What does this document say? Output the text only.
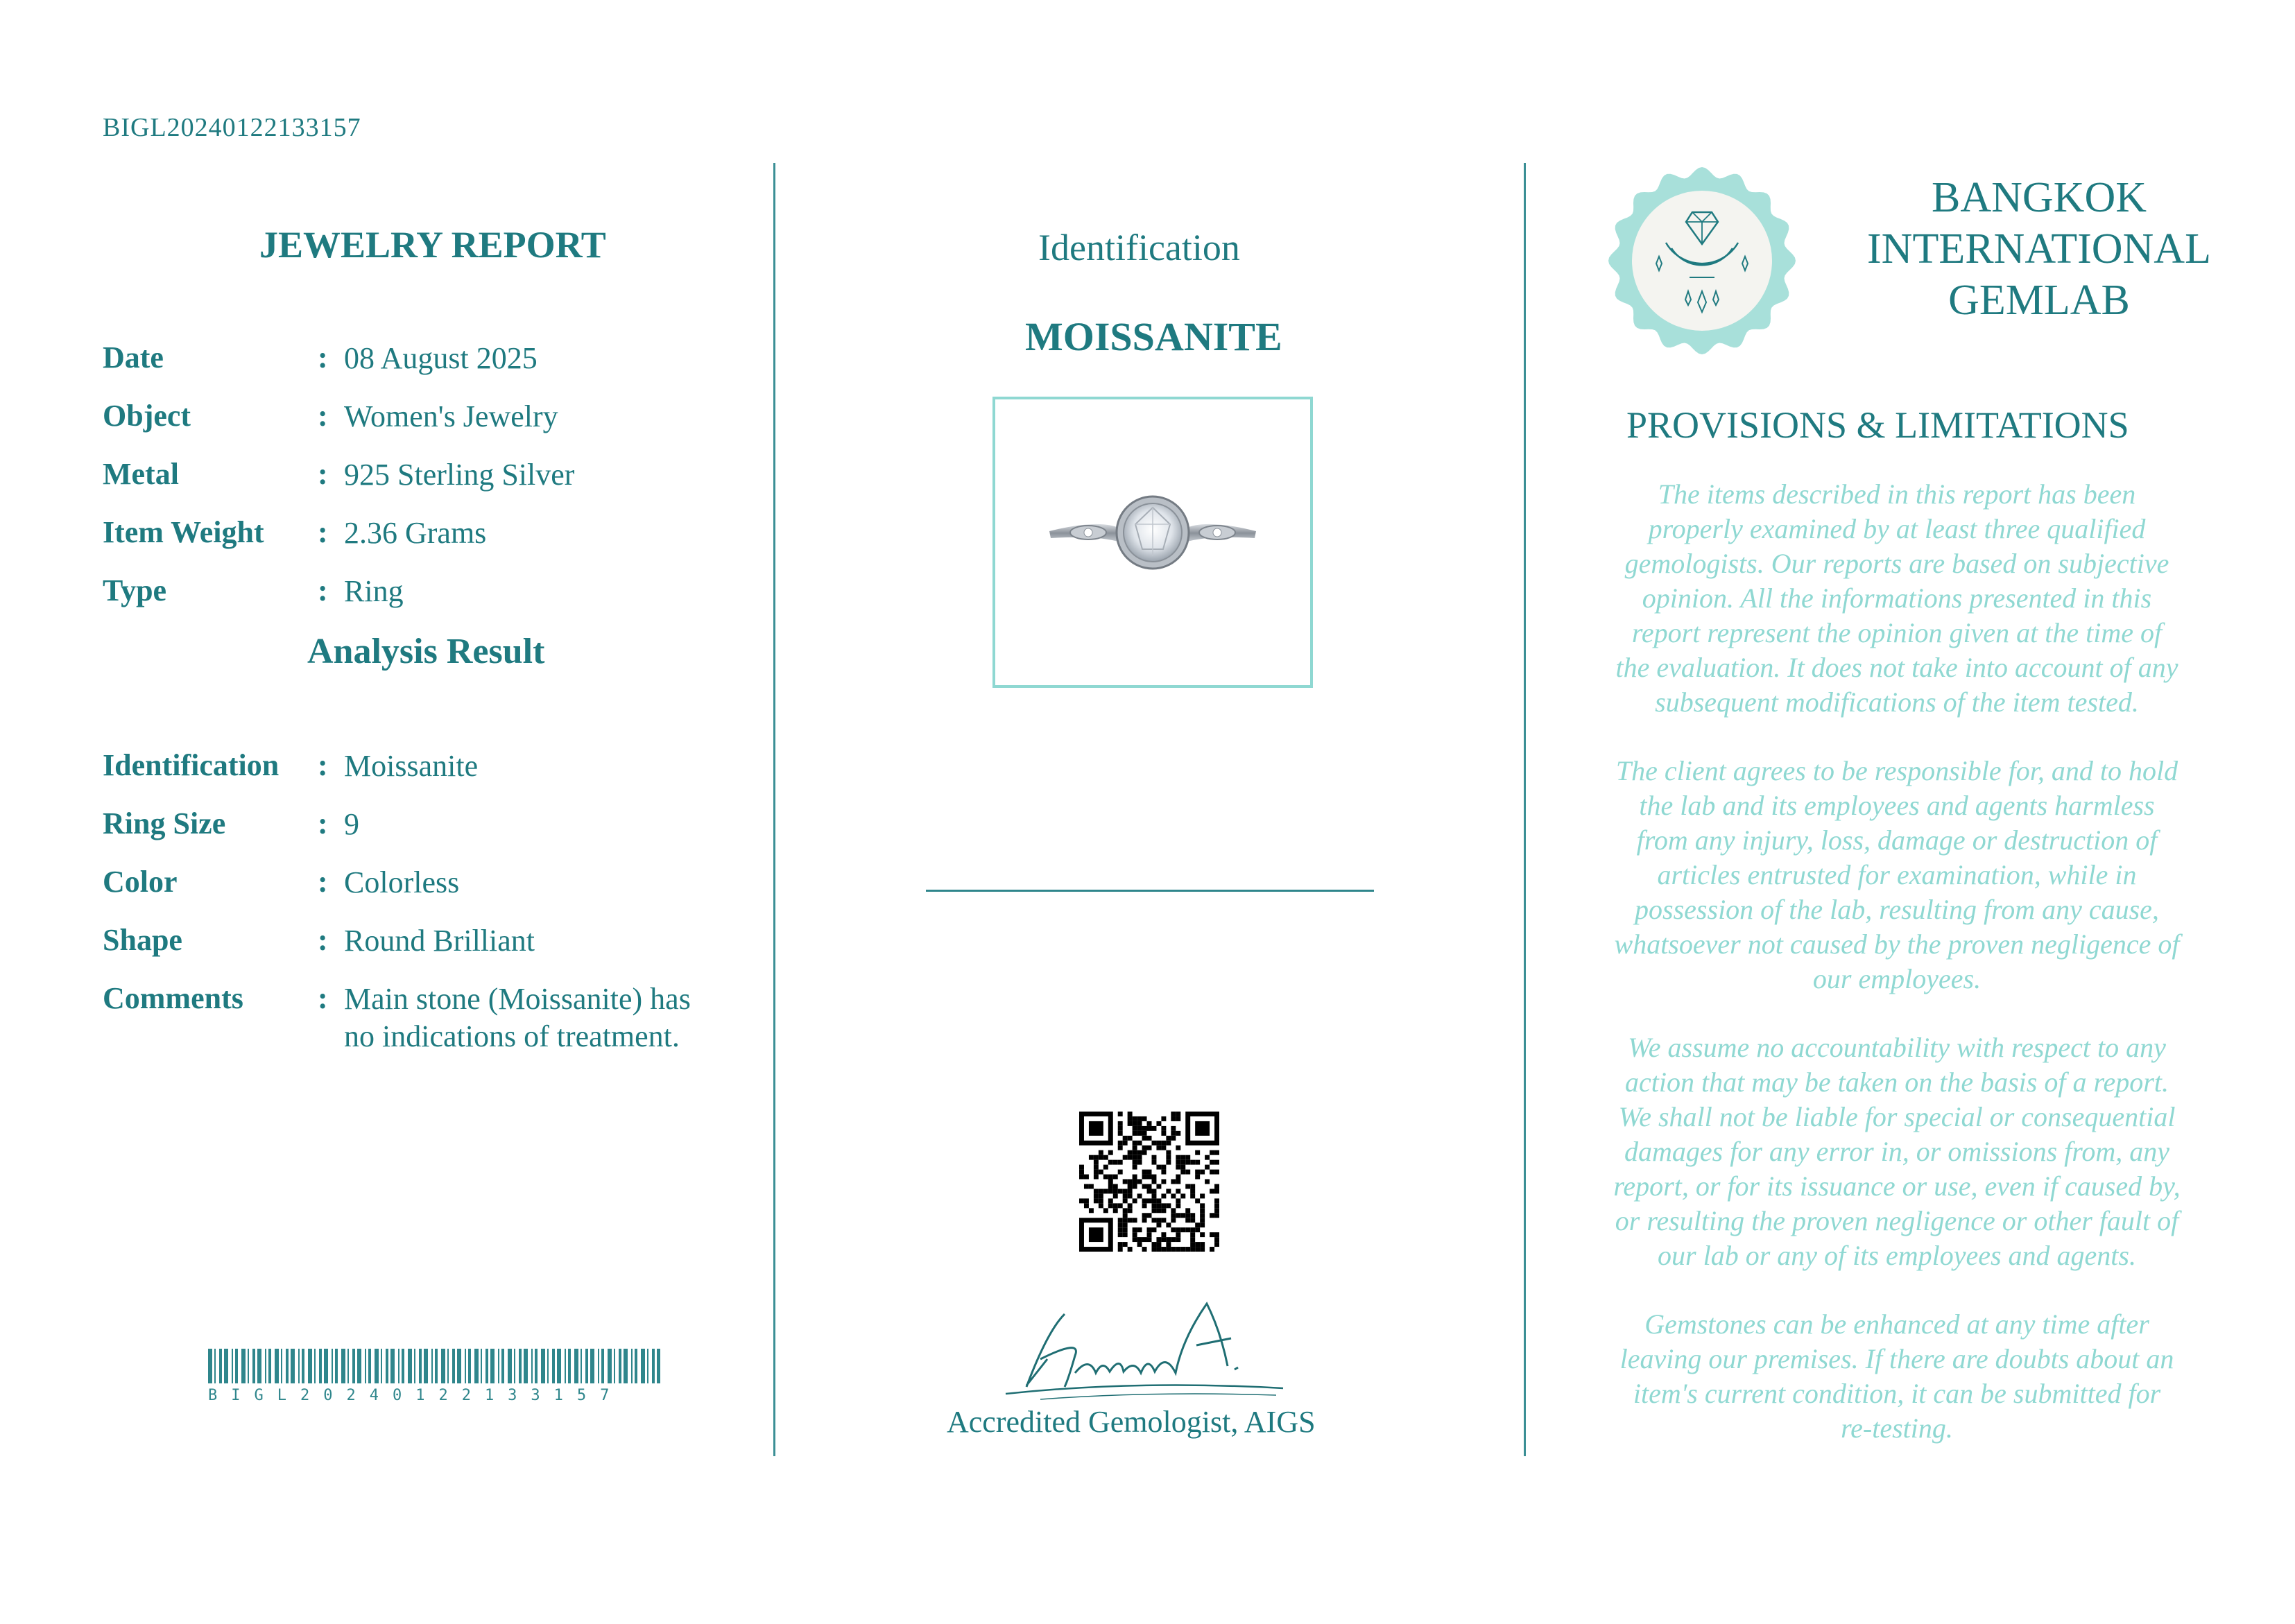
BIGL20240122133157
JEWELRY REPORT
Date	: 08 August 2025
Object	: Women's Jewelry
Metal	: 925 Sterling Silver
Item Weight : 2.36 Grams
Type	: Ring
Analysis Result
Identification : Moissanite
Ring Size	: 9
Color	: Colorless
Shape	: Round Brilliant
Comments : Main stone (Moissanite) has
no indications of treatment.
BIGL20240122133157
Identification
MOISSANITE
Accredited Gemologist, AIGS
BANGKOK
INTERNATIONAL
GEMLAB
PROVISIONS & LIMITATIONS
The items described in this report has been
properly examined by at least three qualified
gemologists. Our reports are based on subjective
opinion. All the informations presented in this
report represent the opinion given at the time of
the evaluation. It does not take into account of any
subsequent modifications of the item tested.
The client agrees to be responsible for, and to hold
the lab and its employees and agents harmless
from any injury, loss, damage or destruction of
articles entrusted for examination, while in
possession of the lab, resulting from any cause,
whatsoever not caused by the proven negligence of
our employees.
We assume no accountability with respect to any
action that may be taken on the basis of a report.
We shall not be liable for special or consequential
damages for any error in, or omissions from, any
report, or for its issuance or use, even if caused by,
or resulting the proven negligence or other fault of
our lab or any of its employees and agents.
Gemstones can be enhanced at any time after
leaving our premises. If there are doubts about an
item's current condition, it can be submitted for
re-testing.
